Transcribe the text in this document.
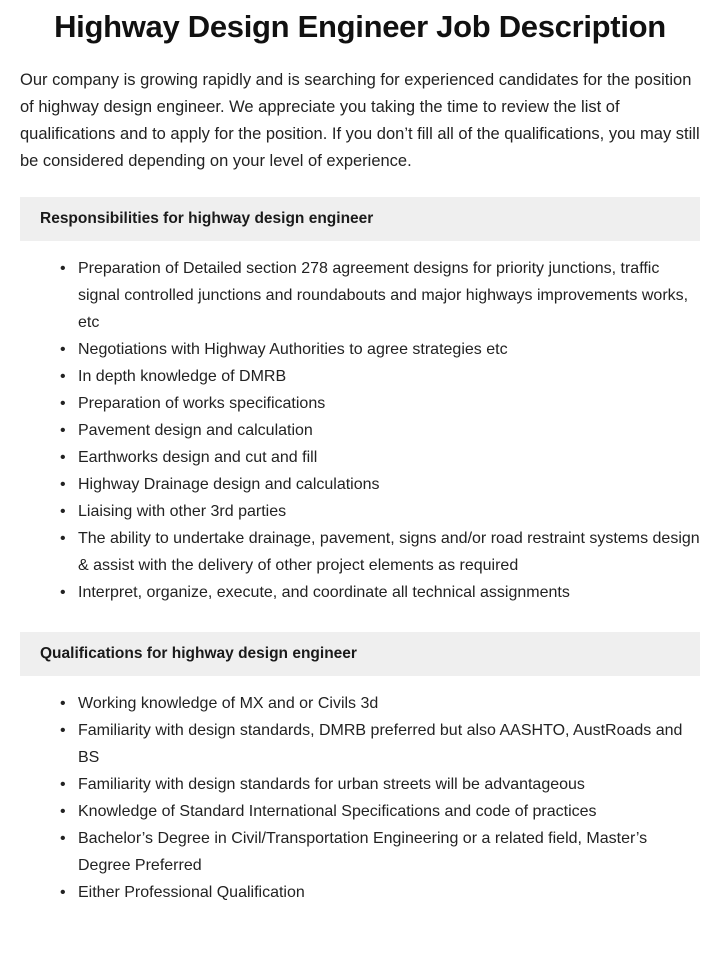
Highway Design Engineer Job Description

Our company is growing rapidly and is searching for experienced candidates for the position of highway design engineer. We appreciate you taking the time to review the list of qualifications and to apply for the position. If you don’t fill all of the qualifications, you may still be considered depending on your level of experience.

Responsibilities for highway design engineer
• Preparation of Detailed section 278 agreement designs for priority junctions, traffic signal controlled junctions and roundabouts and major highways improvements works, etc
• Negotiations with Highway Authorities to agree strategies etc
• In depth knowledge of DMRB
• Preparation of works specifications
• Pavement design and calculation
• Earthworks design and cut and fill
• Highway Drainage design and calculations
• Liaising with other 3rd parties
• The ability to undertake drainage, pavement, signs and/or road restraint systems design & assist with the delivery of other project elements as required
• Interpret, organize, execute, and coordinate all technical assignments
Qualifications for highway design engineer
• Working knowledge of MX and or Civils 3d
• Familiarity with design standards, DMRB preferred but also AASHTO, AustRoads and BS
• Familiarity with design standards for urban streets will be advantageous
• Knowledge of Standard International Specifications and code of practices
• Bachelor’s Degree in Civil/Transportation Engineering or a related field, Master’s Degree Preferred
• Either Professional Qualification
